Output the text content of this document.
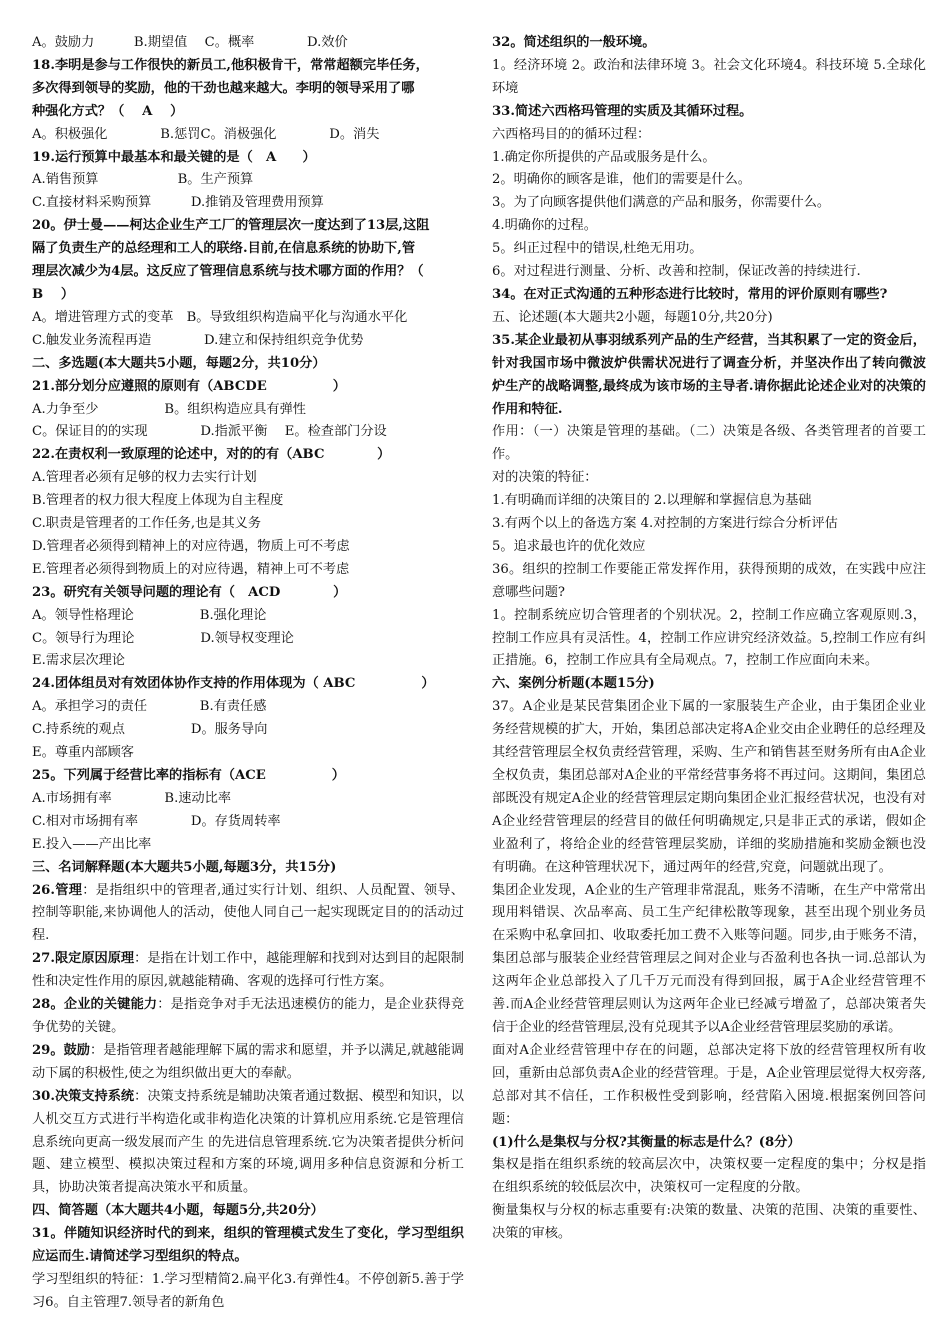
A。鼓励力　　　B.期望值　 C。概率　　　　D.效价

18.李明是参与工作很快的新员工,他积极肯干，常常超额完毕任务，

多次得到领导的奖励，他的干劲也越来越大。李明的领导采用了哪

种强化方式？（　 A　 ）

A。积极强化　　　　B.惩罚C。消极强化　　　　D。消失

19.运行预算中最基本和最关键的是（　A　　）

A.销售预算　　　　　　B。生产预算

C.直接材料采购预算　　　D.推销及管理费用预算

20。伊士曼——柯达企业生产工厂的管理层次一度达到了13层,这阻

隔了负责生产的总经理和工人的联络.目前,在信息系统的协助下,管

理层次减少为4层。这反应了管理信息系统与技术哪方面的作用？（

B　 ）

A。增进管理方式的变革　B。导致组织构造扁平化与沟通水平化

C.触发业务流程再造　　　　D.建立和保持组织竞争优势

二、多选题(本大题共5小题，每题2分，共10分）

21.部分划分应遵照的原则有（ABCDE　　　　　）

A.力争至少　　　　　B。组织构造应具有弹性

C。保证目的的实现　　　　D.指派平衡　 E。检查部门分设

22.在责权利一致原理的论述中，对的的有（ABC　　　　）

A.管理者必须有足够的权力去实行计划

B.管理者的权力很大程度上体现为自主程度

C.职责是管理者的工作任务,也是其义务

D.管理者必须得到精神上的对应待遇，物质上可不考虑

E.管理者必须得到物质上的对应待遇，精神上可不考虑

23。研究有关领导问题的理论有（　ACD　　　　）

A。领导性格理论　　　　　B.强化理论

C。领导行为理论　　　　　D.领导权变理论

E.需求层次理论

24.团体组员对有效团体协作支持的作用体现为（ ABC　　　　　）

A。承担学习的责任　　　　B.有责任感

C.持系统的观点　　　　　D。服务导向

E。尊重内部顾客

25。下列属于经营比率的指标有（ACE　　　　　）

A.市场拥有率　　　　B.速动比率

C.相对市场拥有率　　　　D。存货周转率

E.投入——产出比率

三、名词解释题(本大题共5小题,每题3分，共15分)

26.管理：是指组织中的管理者,通过实行计划、组织、人员配置、领导、控制等职能,来协调他人的活动，使他人同自己一起实现既定目的的活动过程.

27.限定原因原理：是指在计划工作中，越能理解和找到对达到目的起限制性和决定性作用的原因,就越能精确、客观的选择可行性方案。

28。企业的关键能力：是指竞争对手无法迅速模仿的能力，是企业获得竞争优势的关键。

29。鼓励：是指管理者越能理解下属的需求和愿望，并予以满足,就越能调动下属的积极性,使之为组织做出更大的奉献。

30.决策支持系统：决策支持系统是辅助决策者通过数据、模型和知识，以人机交互方式进行半构造化或非构造化决策的计算机应用系统.它是管理信息系统向更高一级发展而产生 的先进信息管理系统.它为决策者提供分析问题、建立模型、模拟决策过程和方案的环境,调用多种信息资源和分析工具，协助决策者提高决策水平和质量。

四、简答题（本大题共4小题，每题5分,共20分）

31。伴随知识经济时代的到来，组织的管理模式发生了变化，学习型组织应运而生.请简述学习型组织的特点。

学习型组织的特征：1.学习型精简2.扁平化3.有弹性4。不停创新5.善于学习6。自主管理7.领导者的新角色

32。简述组织的一般环境。

1。经济环境 2。政治和法律环境 3。社会文化环境4。科技环境 5.全球化环境

33.简述六西格玛管理的实质及其循环过程。

六西格玛目的的循环过程：

1.确定你所提供的产品或服务是什么。

2。明确你的顾客是谁，他们的需要是什么。

3。为了向顾客提供他们满意的产品和服务，你需要什么。

4.明确你的过程。

5。纠正过程中的错误,杜绝无用功。

6。对过程进行测量、分析、改善和控制，保证改善的持续进行.

34。在对正式沟通的五种形态进行比较时，常用的评价原则有哪些?

五、论述题(本大题共2小题，每题10分,共20分)

35.某企业最初从事羽绒系列产品的生产经营，当其积累了一定的资金后，针对我国市场中微波炉供需状况进行了调查分析，并坚决作出了转向微波炉生产的战略调整,最终成为该市场的主导者.请你据此论述企业对的决策的作用和特征.

作用：（一）决策是管理的基础。（二）决策是各级、各类管理者的首要工作。

对的决策的特征：

1.有明确而详细的决策目的 2.以理解和掌握信息为基础

3.有两个以上的备选方案 4.对控制的方案进行综合分析评估

5。追求最也许的优化效应

36。组织的控制工作要能正常发挥作用，获得预期的成效，在实践中应注意哪些问题?

1。控制系统应切合管理者的个别状况。2，控制工作应确立客观原则.3，控制工作应具有灵活性。4，控制工作应讲究经济效益。5,控制工作应有纠正措施。6，控制工作应具有全局观点。7，控制工作应面向未来。

六、案例分析题(本题15分)

37。A企业是某民营集团企业下属的一家服装生产企业，由于集团企业业务经营规模的扩大，开始，集团总部决定将A企业交由企业聘任的总经理及其经营管理层全权负责经营管理，采购、生产和销售甚至财务所有由A企业全权负责，集团总部对A企业的平常经营事务将不再过问。这期间，集团总部既没有规定A企业的经营管理层定期向集团企业汇报经营状况，也没有对A企业经营管理层的经营目的做任何明确规定,只是非正式的承诺，假如企业盈利了，将给企业的经营管理层奖励，详细的奖励措施和奖励金额也没有明确。在这种管理状况下，通过两年的经营,究竟，问题就出现了。

集团企业发现，A企业的生产管理非常混乱，账务不清晰，在生产中常常出现用料错误、次品率高、员工生产纪律松散等现象，甚至出现个别业务员在采购中私拿回扣、收取委托加工费不入账等问题。同步,由于账务不清，集团总部与服装企业经营管理层之间对企业与否盈利也各执一词.总部认为这两年企业总部投入了几千万元而没有得到回报，属于A企业经营管理不善.而A企业经营管理层则认为这两年企业已经减亏增盈了，总部决策者失信于企业的经营管理层,没有兑现其予以A企业经营管理层奖励的承诺。

面对A企业经营管理中存在的问题，总部决定将下放的经营管理权所有收回，重新由总部负责A企业的经营管理。于是，A企业管理层觉得大权旁落,总部对其不信任，工作积极性受到影响，经营陷入困境.根据案例回答问题：

(1)什么是集权与分权?其衡量的标志是什么？(8分）

集权是指在组织系统的较高层次中，决策权要一定程度的集中；分权是指在组织系统的较低层次中，决策权可一定程度的分散。

衡量集权与分权的标志重要有:决策的数量、决策的范围、决策的重要性、决策的审核。
